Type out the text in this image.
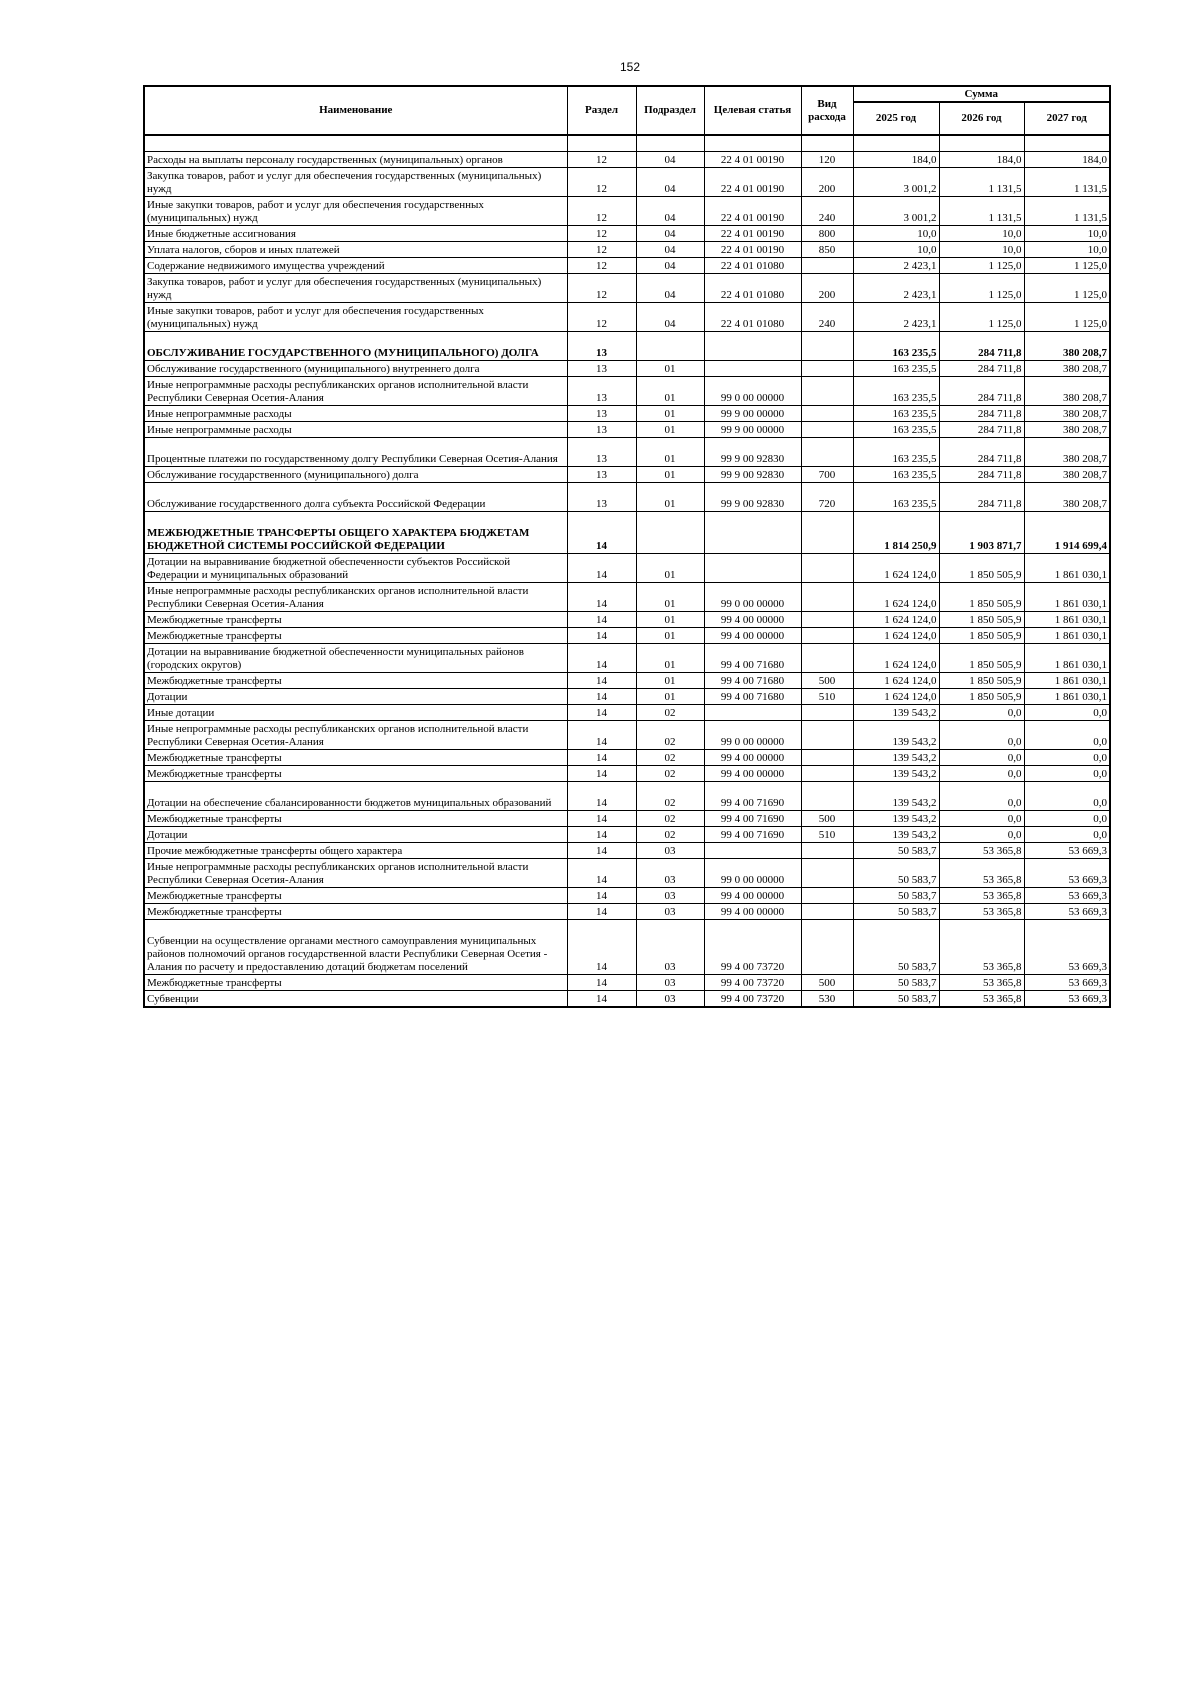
152
Наименование	Раздел	Подраздел	Целевая статья	Вид расхода	Сумма		
					2025 год	2026 год	2027 год

Расходы на выплаты персоналу государственных (муниципальных) органов	12	04	22 4 01 00190	120	184,0	184,0	184,0
Закупка товаров, работ и услуг для обеспечения государственных (муниципальных) нужд	12	04	22 4 01 00190	200	3 001,2	1 131,5	1 131,5
Иные закупки товаров, работ и услуг для обеспечения государственных (муниципальных) нужд	12	04	22 4 01 00190	240	3 001,2	1 131,5	1 131,5
Иные бюджетные ассигнования	12	04	22 4 01 00190	800	10,0	10,0	10,0
Уплата налогов, сборов и иных платежей	12	04	22 4 01 00190	850	10,0	10,0	10,0
Содержание недвижимого имущества учреждений	12	04	22 4 01 01080		2 423,1	1 125,0	1 125,0
Закупка товаров, работ и услуг для обеспечения государственных (муниципальных) нужд	12	04	22 4 01 01080	200	2 423,1	1 125,0	1 125,0
Иные закупки товаров, работ и услуг для обеспечения государственных (муниципальных) нужд	12	04	22 4 01 01080	240	2 423,1	1 125,0	1 125,0
ОБСЛУЖИВАНИЕ ГОСУДАРСТВЕННОГО (МУНИЦИПАЛЬНОГО) ДОЛГА	13				163 235,5	284 711,8	380 208,7
Обслуживание государственного (муниципального) внутреннего долга	13	01			163 235,5	284 711,8	380 208,7
Иные непрограммные расходы республиканских органов исполнительной власти Республики Северная Осетия-Алания	13	01	99 0 00 00000		163 235,5	284 711,8	380 208,7
Иные непрограммные расходы	13	01	99 9 00 00000		163 235,5	284 711,8	380 208,7
Иные непрограммные расходы	13	01	99 9 00 00000		163 235,5	284 711,8	380 208,7
Процентные платежи по государственному долгу Республики Северная Осетия-Алания	13	01	99 9 00 92830		163 235,5	284 711,8	380 208,7
Обслуживание государственного (муниципального) долга	13	01	99 9 00 92830	700	163 235,5	284 711,8	380 208,7
Обслуживание государственного долга субъекта Российской Федерации	13	01	99 9 00 92830	720	163 235,5	284 711,8	380 208,7
МЕЖБЮДЖЕТНЫЕ ТРАНСФЕРТЫ ОБЩЕГО ХАРАКТЕРА БЮДЖЕТАМ БЮДЖЕТНОЙ СИСТЕМЫ РОССИЙСКОЙ ФЕДЕРАЦИИ	14				1 814 250,9	1 903 871,7	1 914 699,4
Дотации на выравнивание бюджетной обеспеченности субъектов Российской Федерации и муниципальных образований	14	01			1 624 124,0	1 850 505,9	1 861 030,1
Иные непрограммные расходы республиканских органов исполнительной власти Республики Северная Осетия-Алания	14	01	99 0 00 00000		1 624 124,0	1 850 505,9	1 861 030,1
Межбюджетные трансферты	14	01	99 4 00 00000		1 624 124,0	1 850 505,9	1 861 030,1
Межбюджетные трансферты	14	01	99 4 00 00000		1 624 124,0	1 850 505,9	1 861 030,1
Дотации на выравнивание бюджетной обеспеченности муниципальных районов (городских округов)	14	01	99 4 00 71680		1 624 124,0	1 850 505,9	1 861 030,1
Межбюджетные трансферты	14	01	99 4 00 71680	500	1 624 124,0	1 850 505,9	1 861 030,1
Дотации	14	01	99 4 00 71680	510	1 624 124,0	1 850 505,9	1 861 030,1
Иные дотации	14	02			139 543,2	0,0	0,0
Иные непрограммные расходы республиканских органов исполнительной власти Республики Северная Осетия-Алания	14	02	99 0 00 00000		139 543,2	0,0	0,0
Межбюджетные трансферты	14	02	99 4 00 00000		139 543,2	0,0	0,0
Межбюджетные трансферты	14	02	99 4 00 00000		139 543,2	0,0	0,0
Дотации на обеспечение сбалансированности бюджетов муниципальных образований	14	02	99 4 00 71690		139 543,2	0,0	0,0
Межбюджетные трансферты	14	02	99 4 00 71690	500	139 543,2	0,0	0,0
Дотации	14	02	99 4 00 71690	510	139 543,2	0,0	0,0
Прочие межбюджетные трансферты общего характера	14	03			50 583,7	53 365,8	53 669,3
Иные непрограммные расходы республиканских органов исполнительной власти Республики Северная Осетия-Алания	14	03	99 0 00 00000		50 583,7	53 365,8	53 669,3
Межбюджетные трансферты	14	03	99 4 00 00000		50 583,7	53 365,8	53 669,3
Межбюджетные трансферты	14	03	99 4 00 00000		50 583,7	53 365,8	53 669,3
Субвенции на осуществление органами местного самоуправления муниципальных районов полномочий органов государственной власти Республики Северная Осетия - Алания по расчету и предоставлению дотаций бюджетам поселений	14	03	99 4 00 73720		50 583,7	53 365,8	53 669,3
Межбюджетные трансферты	14	03	99 4 00 73720	500	50 583,7	53 365,8	53 669,3
Субвенции	14	03	99 4 00 73720	530	50 583,7	53 365,8	53 669,3
